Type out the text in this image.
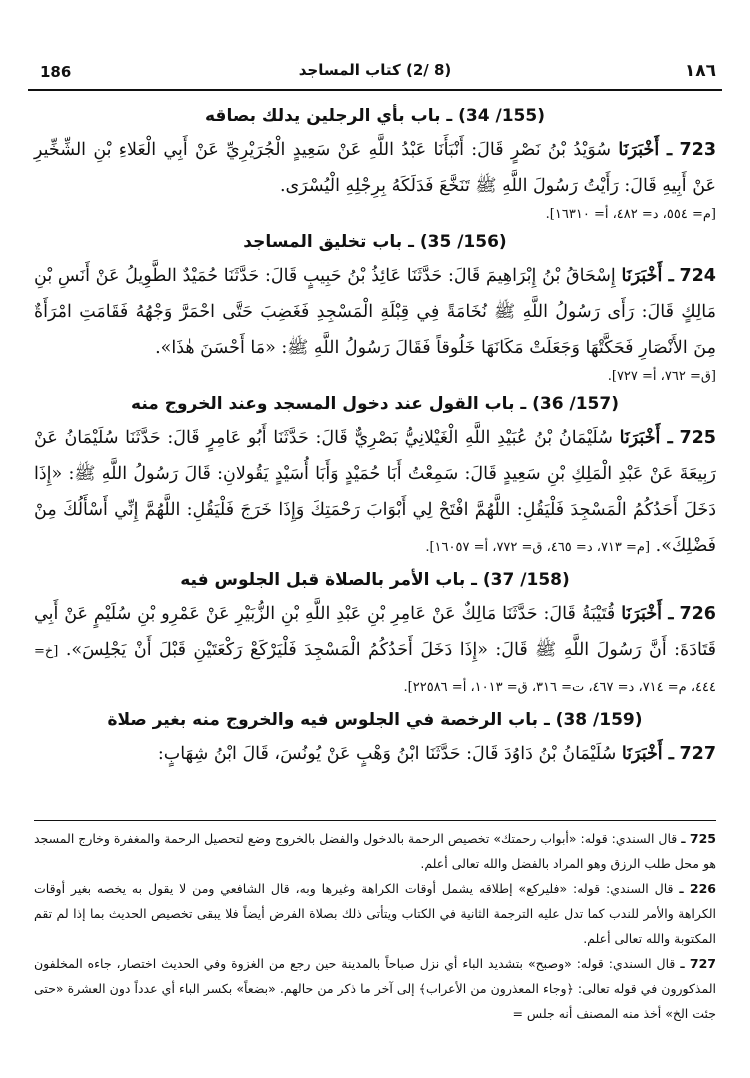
186	(8 /2) كتاب المساجد	١٨٦
(155/ 34) ـ باب بأي الرجلين يدلك بصاقه
723 ـ أَخْبَرَنَا سُوَيْدُ بْنُ نَصْرٍ قَالَ: أَنْبَأَنَا عَبْدُ اللَّهِ عَنْ سَعِيدٍ الْجُرَيْرِيِّ عَنْ أَبِي الْعَلاءِ بْنِ الشِّخِّيرِ عَنْ أَبِيهِ قَالَ: رَأَيْتُ رَسُولَ اللَّهِ ﷺ تَنَخَّعَ فَدَلَكَهُ بِرِجْلِهِ الْيُسْرَى.
[م= ٥٥٤، د= ٤٨٢، أ= ١٦٣١٠].
(156/ 35) ـ باب تخليق المساجد
724 ـ أَخْبَرَنَا إِسْحَاقُ بْنُ إِبْرَاهِيمَ قَالَ: حَدَّثَنَا عَائِذُ بْنُ حَبِيبٍ قَالَ: حَدَّثَنَا حُمَيْدٌ الطَّوِيلُ عَنْ أَنَسِ بْنِ مَالِكٍ قَالَ: رَأَى رَسُولُ اللَّهِ ﷺ نُخَامَةً فِي قِبْلَةِ الْمَسْجِدِ فَغَضِبَ حَتَّى احْمَرَّ وَجْهُهُ فَقَامَتِ امْرَأَةٌ مِنَ الأَنْصَارِ فَحَكَّتْهَا وَجَعَلَتْ مَكَانَهَا خَلُوقاً فَقَالَ رَسُولُ اللَّهِ ﷺ: «مَا أَحْسَنَ هٰذَا».
[ق= ٧٦٢، أ= ٧٢٧].
(157/ 36) ـ باب القول عند دخول المسجد وعند الخروج منه
725 ـ أَخْبَرَنَا سُلَيْمَانُ بْنُ عُبَيْدِ اللَّهِ الْغَيْلانِيُّ بَصْرِيٌّ قَالَ: حَدَّثَنَا أَبُو عَامِرٍ قَالَ: حَدَّثَنَا سُلَيْمَانُ عَنْ رَبِيعَةَ عَنْ عَبْدِ الْمَلِكِ بْنِ سَعِيدٍ قَالَ: سَمِعْتُ أَبَا حُمَيْدٍ وَأَبَا أُسَيْدٍ يَقُولانِ: قَالَ رَسُولُ اللَّهِ ﷺ: «إِذَا دَخَلَ أَحَدُكُمُ الْمَسْجِدَ فَلْيَقُلِ: اللَّهُمَّ افْتَحْ لِي أَبْوَابَ رَحْمَتِكَ وَإِذَا خَرَجَ فَلْيَقُلِ: اللَّهُمَّ إِنِّي أَسْأَلُكَ مِنْ فَضْلِكَ». [م= ٧١٣، د= ٤٦٥، ق= ٧٧٢، أ= ١٦٠٥٧].
(158/ 37) ـ باب الأمر بالصلاة قبل الجلوس فيه
726 ـ أَخْبَرَنَا قُتَيْبَةُ قَالَ: حَدَّثَنَا مَالِكٌ عَنْ عَامِرِ بْنِ عَبْدِ اللَّهِ بْنِ الزُّبَيْرِ عَنْ عَمْرِو بْنِ سُلَيْمٍ عَنْ أَبِي قَتَادَةَ: أَنَّ رَسُولَ اللَّهِ ﷺ قَالَ: «إِذَا دَخَلَ أَحَدُكُمُ الْمَسْجِدَ فَلْيَرْكَعْ رَكْعَتَيْنِ قَبْلَ أَنْ يَجْلِسَ». [خ= ٤٤٤، م= ٧١٤، د= ٤٦٧، ت= ٣١٦، ق= ١٠١٣، أ= ٢٢٥٨٦].
(159/ 38) ـ باب الرخصة في الجلوس فيه والخروج منه بغير صلاة
727 ـ أَخْبَرَنَا سُلَيْمَانُ بْنُ دَاوُدَ قَالَ: حَدَّثَنَا ابْنُ وَهْبٍ عَنْ يُونُسَ، قَالَ ابْنُ شِهَابٍ:
725 ـ قال السندي: قوله: «أبواب رحمتك» تخصيص الرحمة بالدخول والفضل بالخروج وضع لتحصيل الرحمة والمغفرة وخارج المسجد هو محل طلب الرزق وهو المراد بالفضل والله تعالى أعلم.
226 ـ قال السندي: قوله: «فليركع» إطلاقه يشمل أوقات الكراهة وغيرها وبه، قال الشافعي ومن لا يقول به يخصه بغير أوقات الكراهة والأمر للندب كما تدل عليه الترجمة الثانية في الكتاب ويتأتى ذلك بصلاة الفرض أيضاً فلا يبقى تخصيص الحديث بما إذا لم تقم المكتوبة والله تعالى أعلم.
727 ـ قال السندي: قوله: «وصبح» بتشديد الباء أي نزل صباحاً بالمدينة حين رجع من الغزوة وفي الحديث اختصار، جاءه المخلفون المذكورون في قوله تعالى: ﴿وجاء المعذرون من الأعراب﴾ إلى آخر ما ذكر من حالهم. «بضعاً» بكسر الباء أي عدداً دون العشرة «حتى جئت الخ» أخذ منه المصنف أنه جلس =
